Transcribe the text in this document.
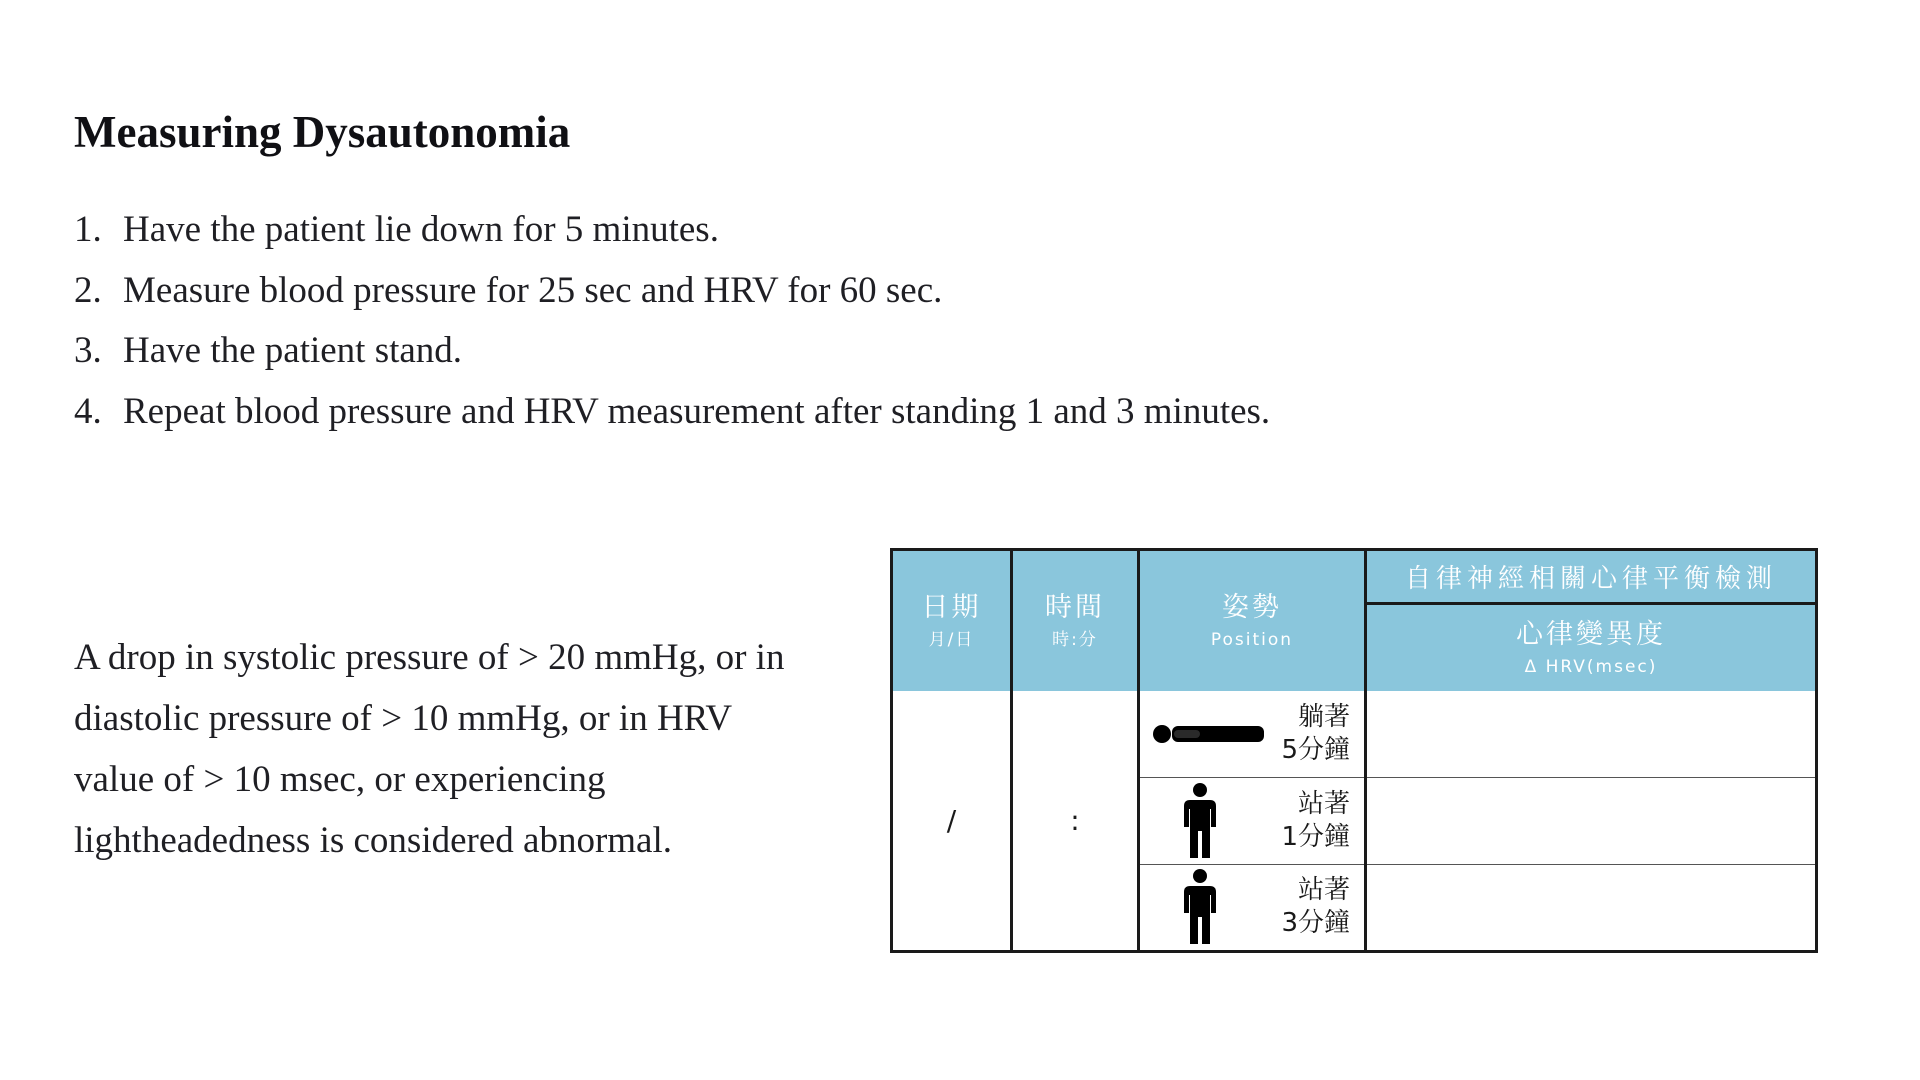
Measuring Dysautonomia
1. Have the patient lie down for 5 minutes.
2. Measure blood pressure for 25 sec and HRV for 60 sec.
3. Have the patient stand.
4. Repeat blood pressure and HRV measurement after standing 1 and 3 minutes.

A drop in systolic pressure of > 20 mmHg, or in
diastolic pressure of > 10 mmHg, or in HRV
value of > 10 msec, or experiencing
lightheadedness is considered abnormal.

日期
月/日
時間
時:分
姿勢
Position
自律神經相關心律平衡檢測
心律變異度
Δ HRV(msec)
/	:
躺著
5分鐘
站著
1分鐘
站著
3分鐘
